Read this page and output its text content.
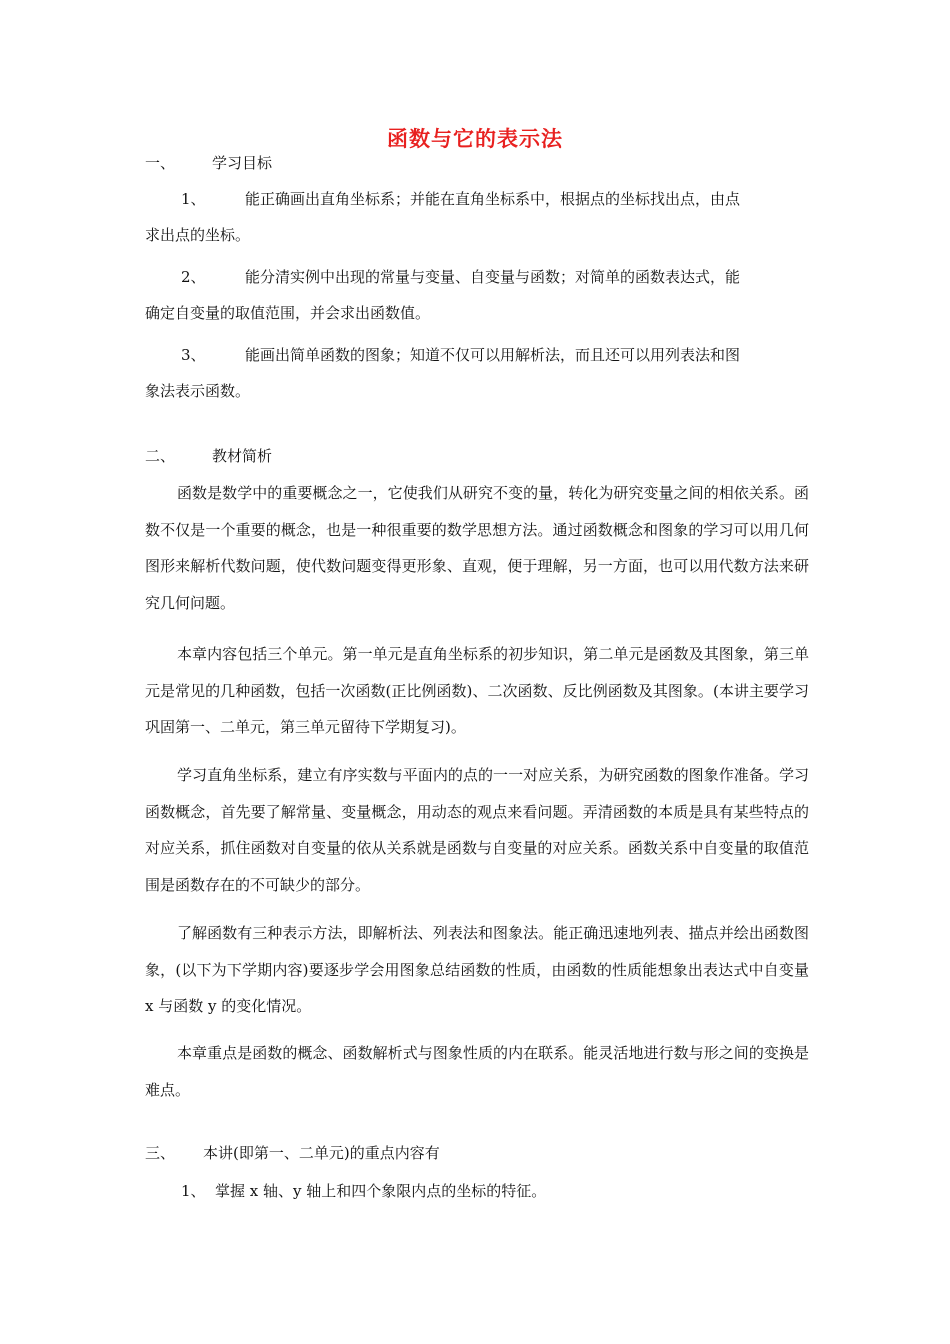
函数与它的表示法
一、 学习目标
1、	能正确画出直角坐标系；并能在直角坐标系中，根据点的坐标找出点，由点
求出点的坐标。
2、	能分清实例中出现的常量与变量、自变量与函数；对简单的函数表达式，能
确定自变量的取值范围，并会求出函数值。
3、	能画出简单函数的图象；知道不仅可以用解析法，而且还可以用列表法和图
象法表示函数。
二、 教材简析
函数是数学中的重要概念之一，它使我们从研究不变的量，转化为研究变量之间的相依关系。函数不仅是一个重要的概念，也是一种很重要的数学思想方法。通过函数概念和图象的学习可以用几何图形来解析代数问题，使代数问题变得更形象、直观，便于理解，另一方面，也可以用代数方法来研究几何问题。
本章内容包括三个单元。第一单元是直角坐标系的初步知识，第二单元是函数及其图象，第三单元是常见的几种函数，包括一次函数(正比例函数)、二次函数、反比例函数及其图象。(本讲主要学习巩固第一、二单元，第三单元留待下学期复习)。
学习直角坐标系，建立有序实数与平面内的点的一一对应关系，为研究函数的图象作准备。学习函数概念，首先要了解常量、变量概念，用动态的观点来看问题。弄清函数的本质是具有某些特点的对应关系，抓住函数对自变量的依从关系就是函数与自变量的对应关系。函数关系中自变量的取值范围是函数存在的不可缺少的部分。
了解函数有三种表示方法，即解析法、列表法和图象法。能正确迅速地列表、描点并绘出函数图象，(以下为下学期内容)要逐步学会用图象总结函数的性质，由函数的性质能想象出表达式中自变量 x 与函数 y 的变化情况。
本章重点是函数的概念、函数解析式与图象性质的内在联系。能灵活地进行数与形之间的变换是难点。
三、 本讲(即第一、二单元)的重点内容有
1、 掌握 x 轴、y 轴上和四个象限内点的坐标的特征。
